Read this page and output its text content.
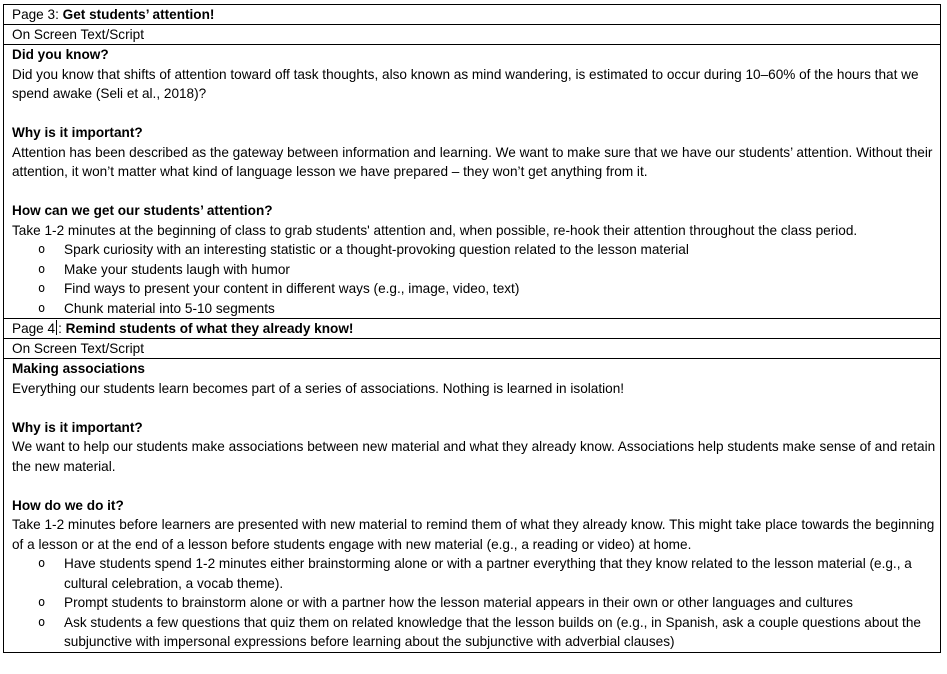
Page 3: Get students’ attention!
On Screen Text/Script

Did you know?

Did you know that shifts of attention toward off task thoughts, also known as mind wandering, is estimated to occur during 10–60% of the hours that we spend awake (Seli et al., 2018)?

Why is it important?

Attention has been described as the gateway between information and learning. We want to make sure that we have our students’ attention. Without their attention, it won’t matter what kind of language lesson we have prepared – they won’t get anything from it.

How can we get our students’ attention?

Take 1-2 minutes at the beginning of class to grab students' attention and, when possible, re-hook their attention throughout the class period.

o Spark curiosity with an interesting statistic or a thought-provoking question related to the lesson material
o Make your students laugh with humor
o Find ways to present your content in different ways (e.g., image, video, text)
o Chunk material into 5-10 segments
Page 4 : Remind students of what they already know!
On Screen Text/Script

Making associations

Everything our students learn becomes part of a series of associations. Nothing is learned in isolation!

Why is it important?

We want to help our students make associations between new material and what they already know. Associations help students make sense of and retain the new material.

How do we do it?

Take 1-2 minutes before learners are presented with new material to remind them of what they already know. This might take place towards the beginning of a lesson or at the end of a lesson before students engage with new material (e.g., a reading or video) at home.

o Have students spend 1-2 minutes either brainstorming alone or with a partner everything that they know related to the lesson material (e.g., a cultural celebration, a vocab theme).
o Prompt students to brainstorm alone or with a partner how the lesson material appears in their own or other languages and cultures
o Ask students a few questions that quiz them on related knowledge that the lesson builds on (e.g., in Spanish, ask a couple questions about the subjunctive with impersonal expressions before learning about the subjunctive with adverbial clauses)
